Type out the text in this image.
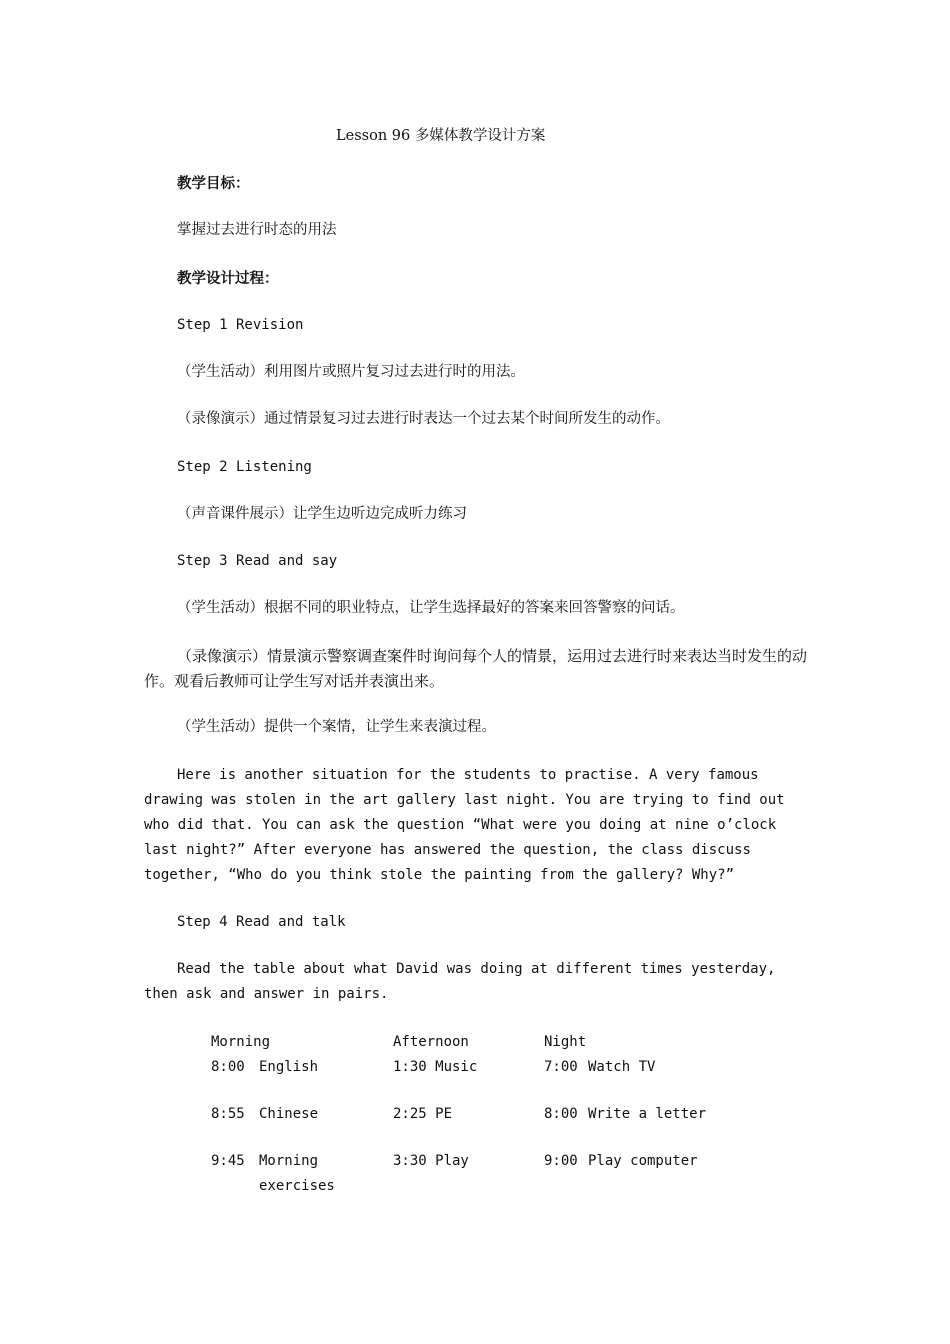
Lesson 96 多媒体教学设计方案
教学目标：
掌握过去进行时态的用法
教学设计过程：
Step 1 Revision
（学生活动）利用图片或照片复习过去进行时的用法。
（录像演示）通过情景复习过去进行时表达一个过去某个时间所发生的动作。
Step 2 Listening
（声音课件展示）让学生边听边完成听力练习
Step 3 Read and say
（学生活动）根据不同的职业特点，让学生选择最好的答案来回答警察的问话。
（录像演示）情景演示警察调查案件时询问每个人的情景，运用过去进行时来表达当时发生的动作。观看后教师可让学生写对话并表演出来。
（学生活动）提供一个案情，让学生来表演过程。
Here is another situation for the students to practise. A very famous drawing was stolen in the art gallery last night. You are trying to find out who did that. You can ask the question “What were you doing at nine o’clock last night?” After everyone has answered the question, the class discuss together, “Who do you think stole the painting from the gallery? Why?”
Step 4 Read and talk
Read the table about what David was doing at different times yesterday, then ask and answer in pairs.
Morning	Afternoon	Night
8:00 English	1:30 Music	7:00 Watch TV
8:55 Chinese	2:25 PE	8:00 Write a letter
9:45 Morning	3:30 Play	9:00 Play computer
exercises
